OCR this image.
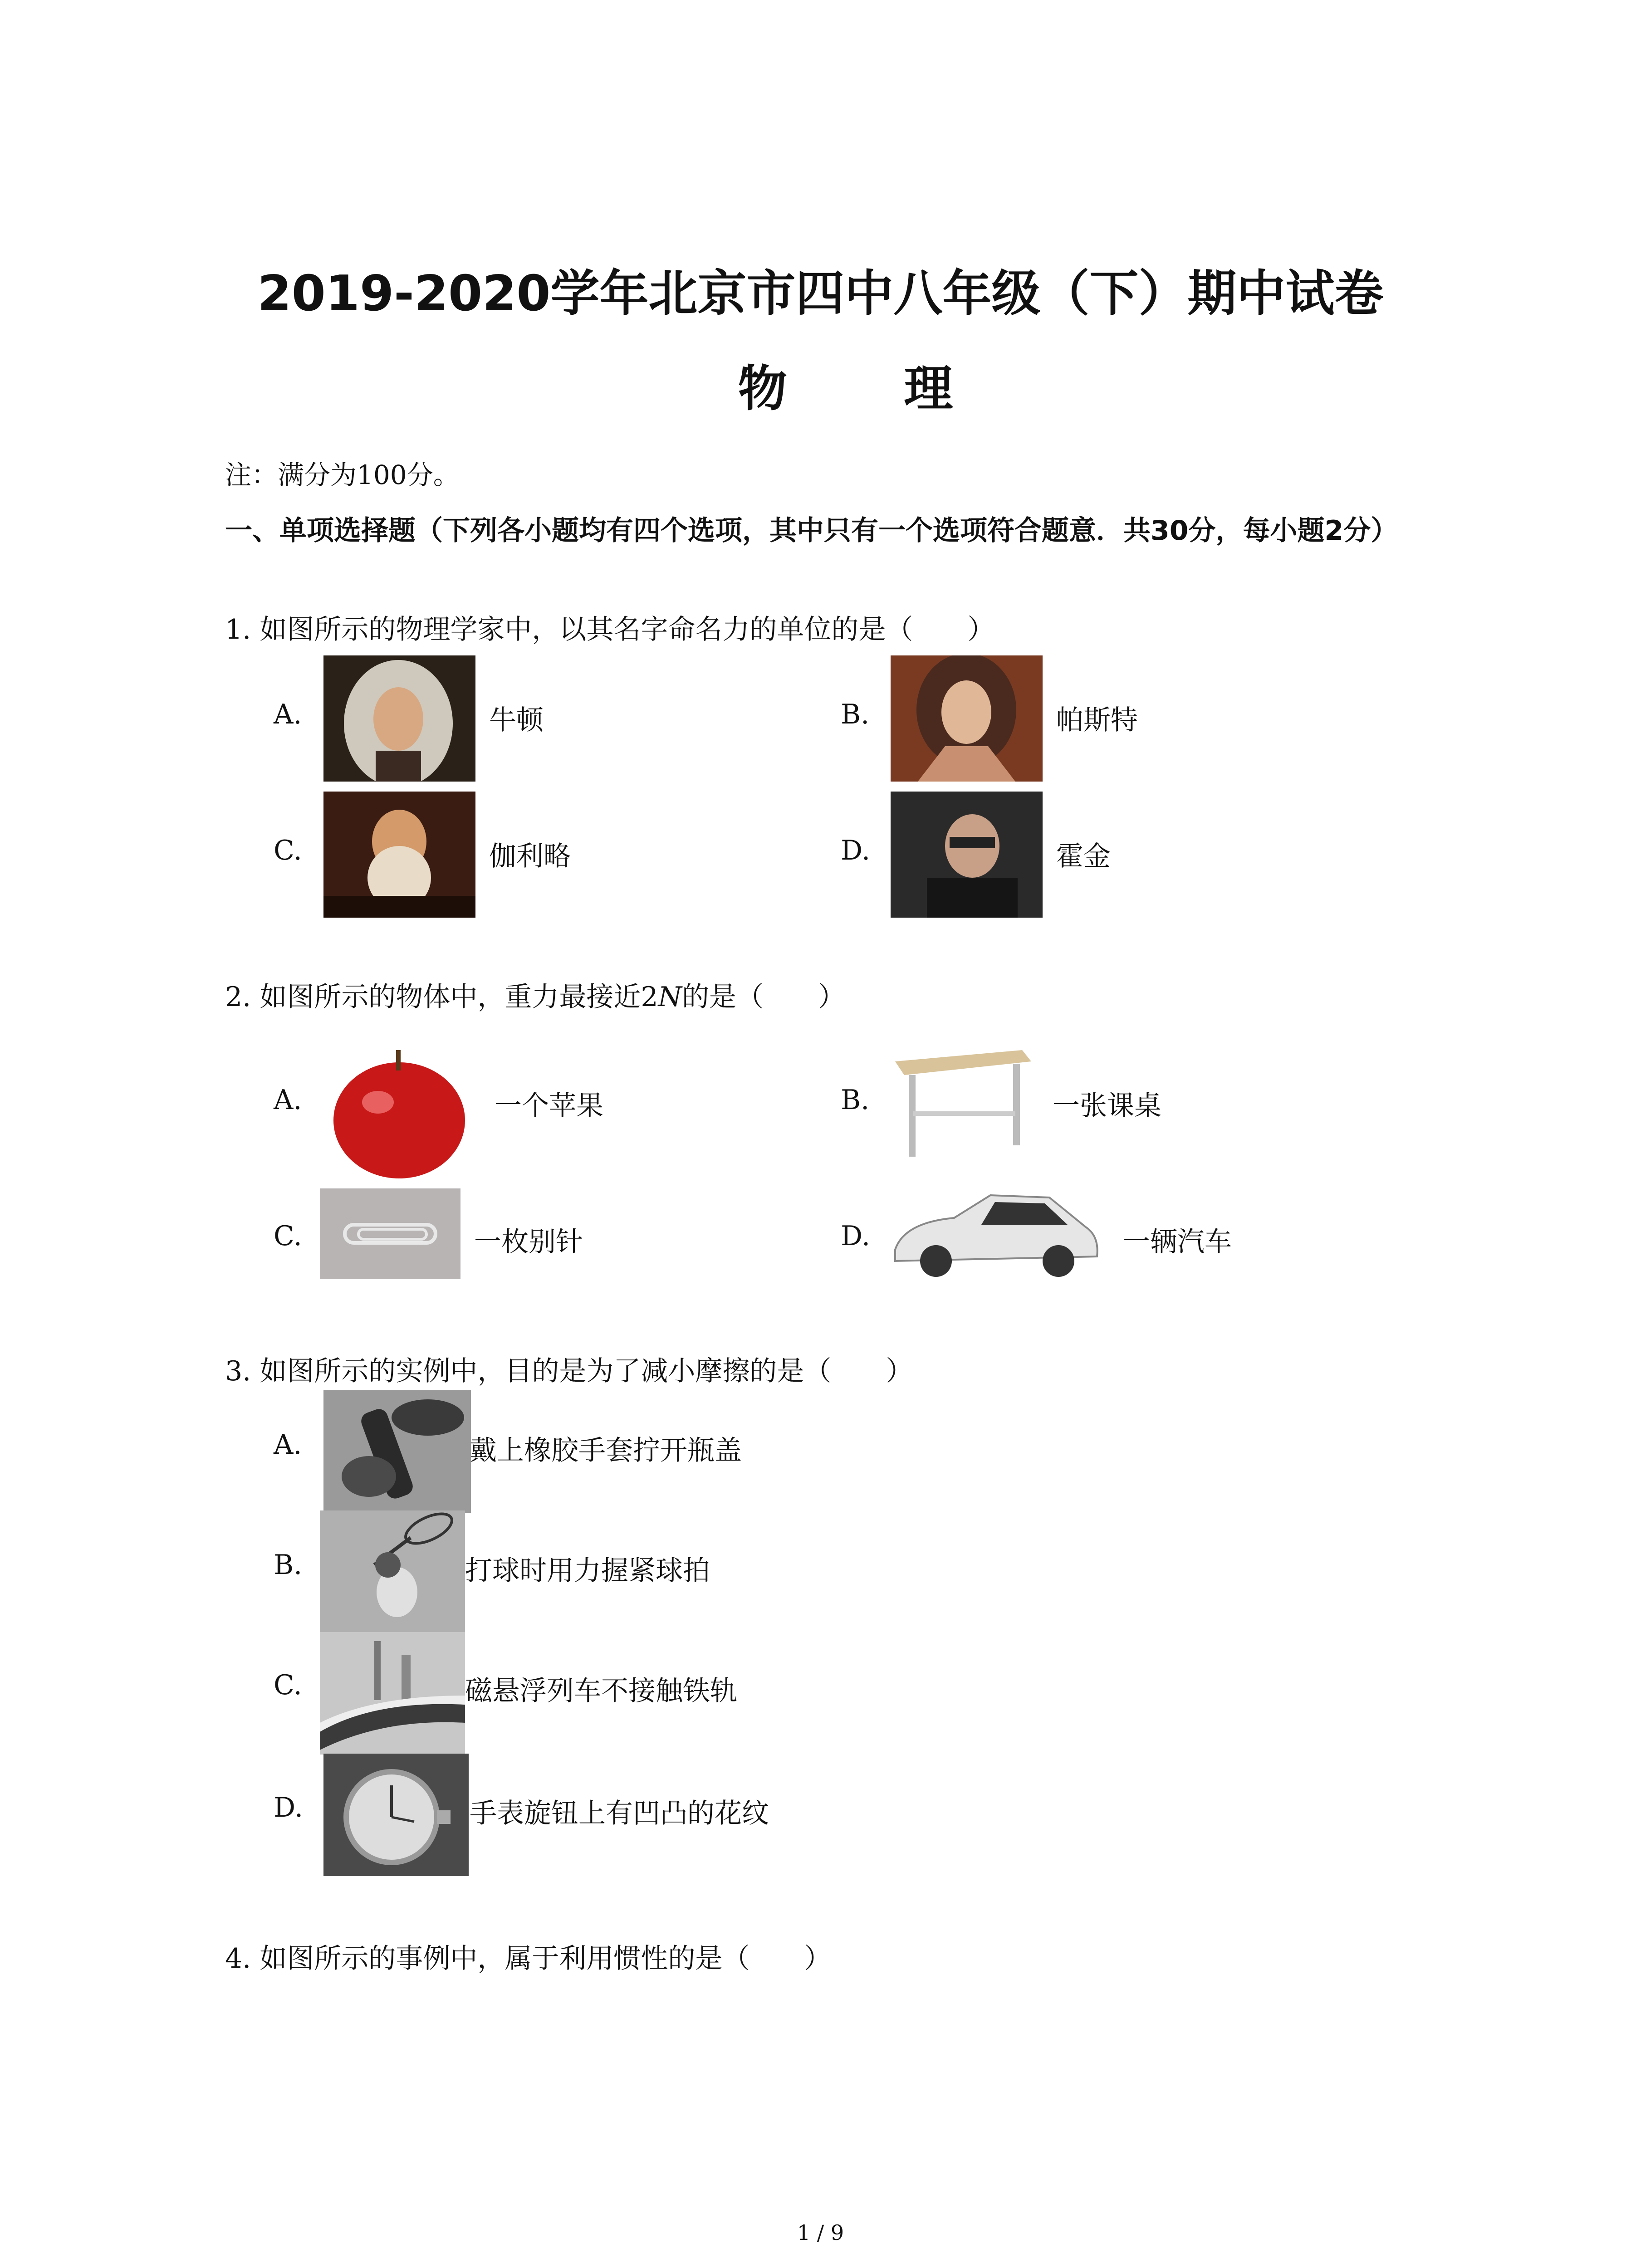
2019-2020学年北京市四中八年级（下）期中试卷
物 理
注：满分为100分。
一、单项选择题（下列各小题均有四个选项，其中只有一个选项符合题意．共30分，每小题2分）
1. 如图所示的物理学家中，以其名字命名力的单位的是（　　）
A.	牛顿	B.	帕斯特
C.	伽利略	D.	霍金
2. 如图所示的物体中，重力最接近2N的是（　　）
A.	一个苹果	B.	一张课桌
C.	一枚别针	D.	一辆汽车
3. 如图所示的实例中，目的是为了减小摩擦的是（　　）
A.	戴上橡胶手套拧开瓶盖
B.	打球时用力握紧球拍
C.	磁悬浮列车不接触铁轨
D.	手表旋钮上有凹凸的花纹
4. 如图所示的事例中，属于利用惯性的是（　　）
1 / 9
